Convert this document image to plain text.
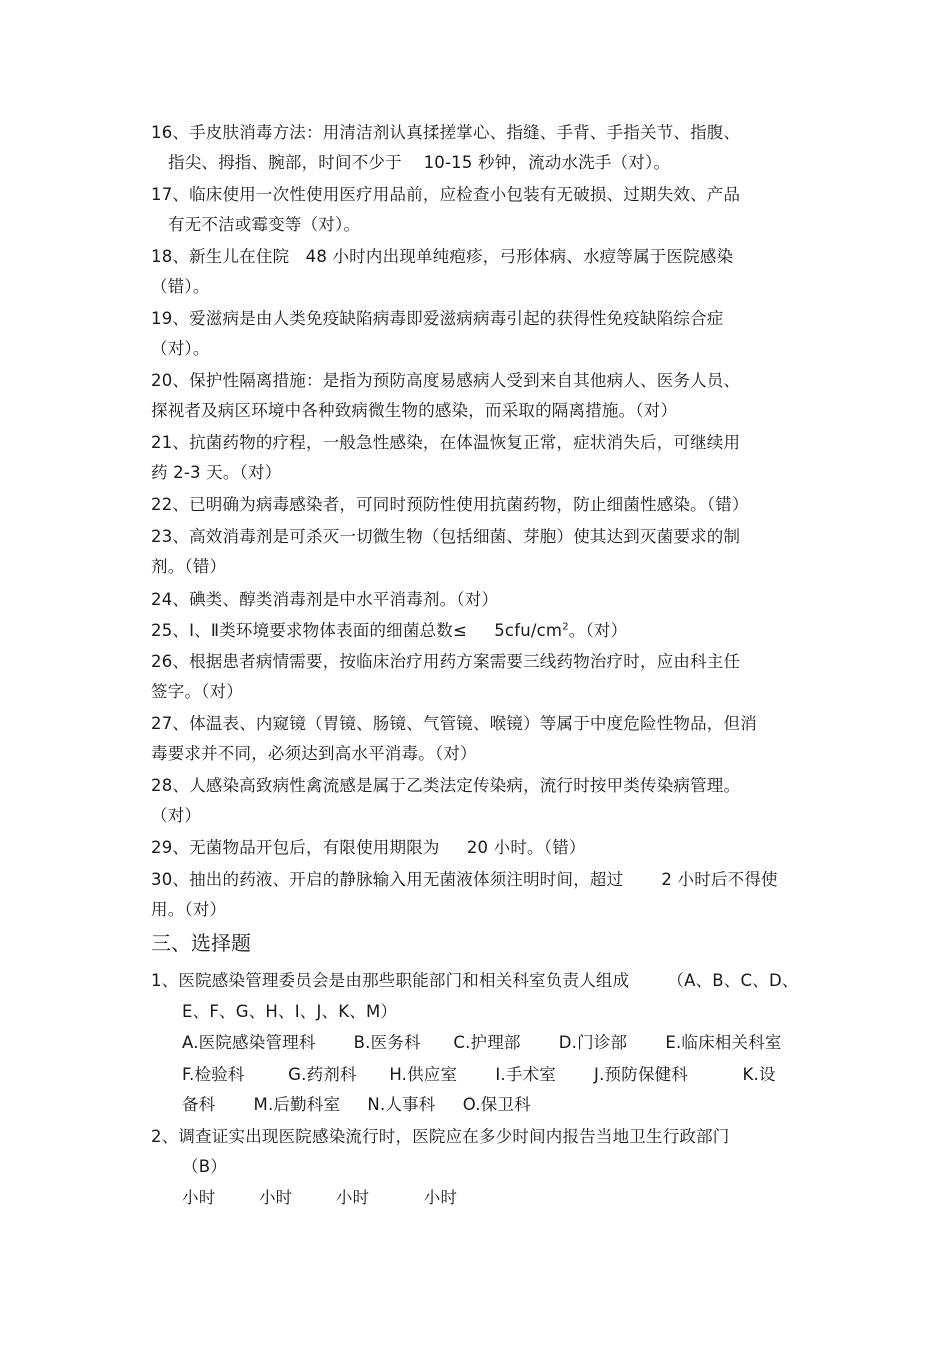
16、手皮肤消毒方法：用清洁剂认真揉搓掌心、指缝、手背、手指关节、指腹、
指尖、拇指、腕部，时间不少于    10-15 秒钟，流动水洗手（对）。
17、临床使用一次性使用医疗用品前，应检查小包装有无破损、过期失效、产品
有无不洁或霉变等（对）。
18、新生儿在住院   48 小时内出现单纯疱疹，弓形体病、水痘等属于医院感染
（错）。
19、爱滋病是由人类免疫缺陷病毒即爱滋病病毒引起的获得性免疫缺陷综合症
（对）。
20、保护性隔离措施：是指为预防高度易感病人受到来自其他病人、医务人员、
探视者及病区环境中各种致病微生物的感染，而采取的隔离措施。（对）
21、抗菌药物的疗程，一般急性感染，在体温恢复正常，症状消失后，可继续用
药 2-3 天。（对）
22、已明确为病毒感染者，可同时预防性使用抗菌药物，防止细菌性感染。（错）
23、高效消毒剂是可杀灭一切微生物（包括细菌、芽胞）使其达到灭菌要求的制
剂。（错）
24、碘类、醇类消毒剂是中水平消毒剂。（对）
25、Ⅰ、Ⅱ类环境要求物体表面的细菌总数≤     $5cfu/cm^2$。（对）
26、根据患者病情需要，按临床治疗用药方案需要三线药物治疗时，应由科主任
签字。（对）
27、体温表、内窥镜（胃镜、肠镜、气管镜、喉镜）等属于中度危险性物品，但消
毒要求并不同，必须达到高水平消毒。（对）
28、人感染高致病性禽流感是属于乙类法定传染病，流行时按甲类传染病管理。
（对）
29、无菌物品开包后，有限使用期限为     20 小时。（错）
30、抽出的药液、开启的静脉输入用无菌液体须注明时间，超过       2 小时后不得使
用。（对）
三、选择题
1、医院感染管理委员会是由那些职能部门和相关科室负责人组成       （A、B、C、D、
E、F、G、H、I、J、K、M）
A.医院感染管理科       B.医务科      C.护理部       D.门诊部       E.临床相关科室
F.检验科        G.药剂科      H.供应室       I.手术室       J.预防保健科          K.设
备科       M.后勤科室     N.人事科     O.保卫科
2、调查证实出现医院感染流行时，医院应在多少时间内报告当地卫生行政部门
（B）
小时        小时        小时          小时
